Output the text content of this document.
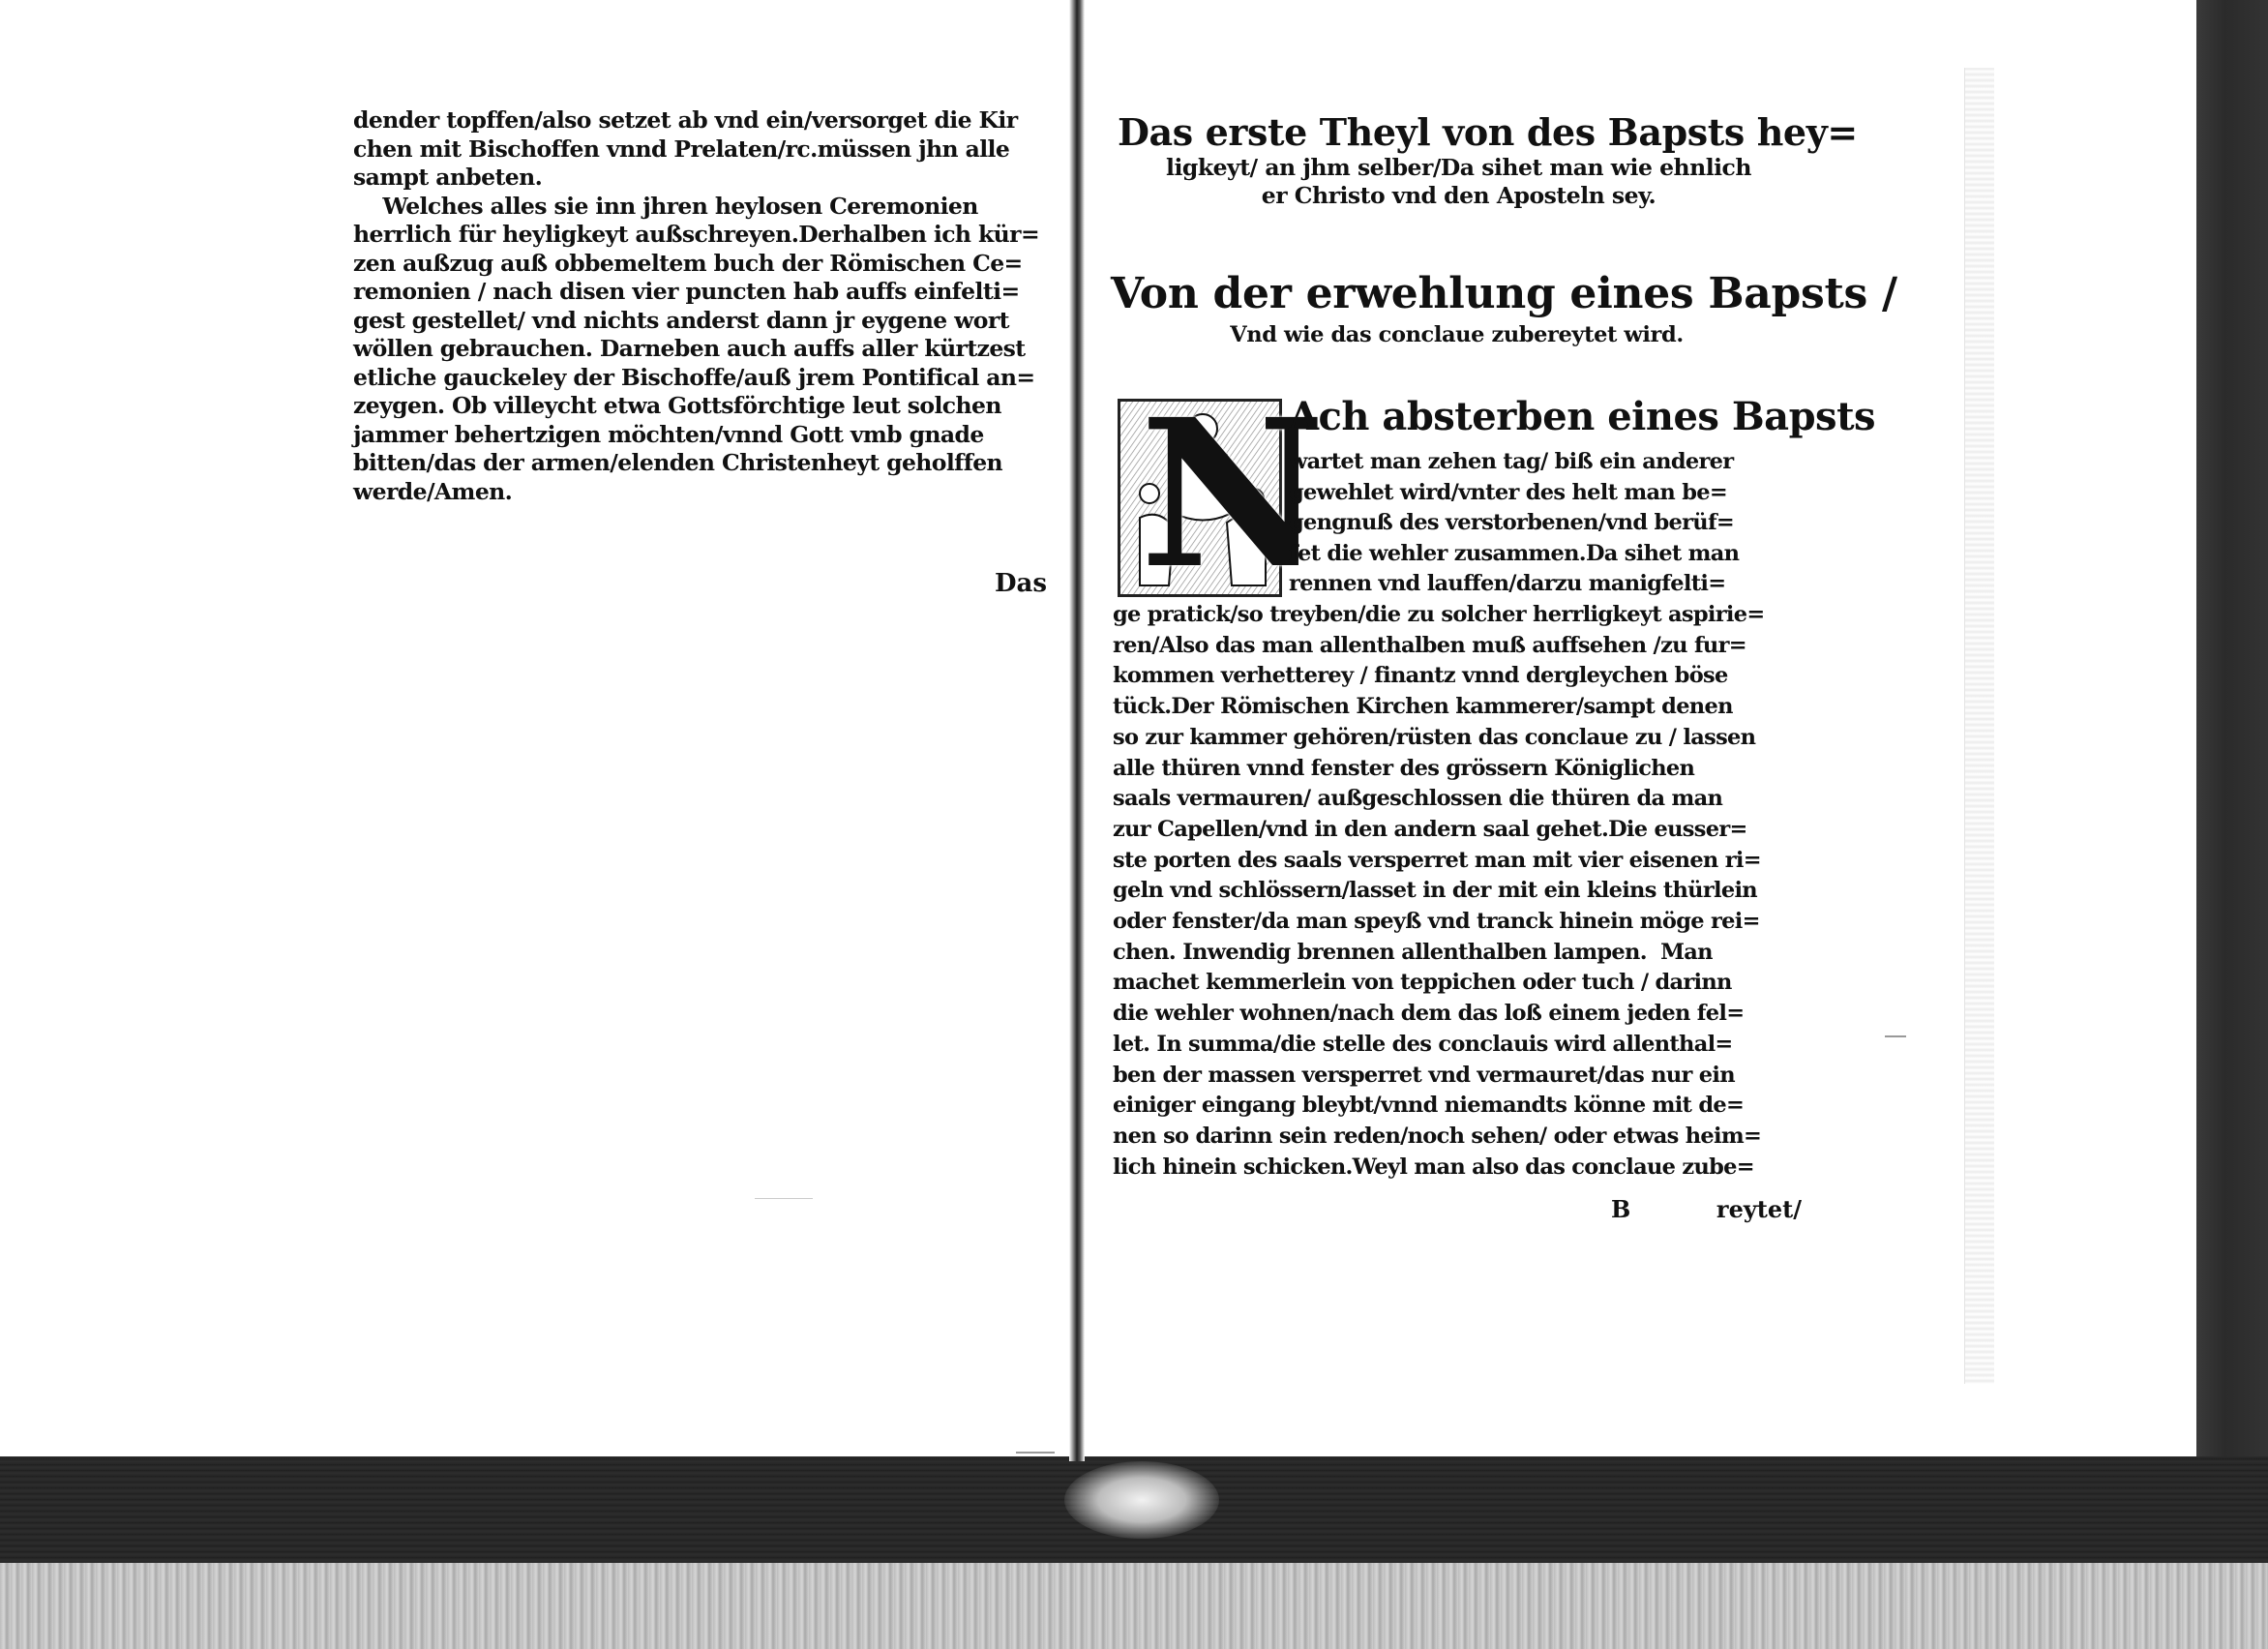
dender topffen/also setzet ab vnd ein/versorget die Kir
chen mit Bischoffen vnnd Prelaten/rc.müssen jhn alle
sampt anbeten.
Welches alles sie inn jhren heylosen Ceremonien
herrlich für heyligkeyt außschreyen.Derhalben ich kür=
zen außzug auß obbemeltem buch der Römischen Ce=
remonien / nach disen vier puncten hab auffs einfelti=
gest gestellet/ vnd nichts anderst dann jr eygene wort
wöllen gebrauchen. Darneben auch auffs aller kürtzest
etliche gauckeley der Bischoffe/auß jrem Pontifical an=
zeygen. Ob villeycht etwa Gottsförchtige leut solchen
jammer behertzigen möchten/vnnd Gott vmb gnade
bitten/das der armen/elenden Christenheyt geholffen
werde/Amen.
Das
Das erste Theyl von des Bapsts hey=
ligkeyt/ an jhm selber/Da sihet man wie ehnlich
er Christo vnd den Aposteln sey.
Von der erwehlung eines Bapsts /
Vnd wie das conclaue zubereytet wird.
N
Ach absterben eines Bapsts
wartet man zehen tag/ biß ein anderer
gewehlet wird/vnter des helt man be=
gengnuß des verstorbenen/vnd berüf=
fet die wehler zusammen.Da sihet man
rennen vnd lauffen/darzu manigfelti=
ge pratick/so treyben/die zu solcher herrligkeyt aspirie=
ren/Also das man allenthalben muß auffsehen /zu fur=
kommen verhetterey / finantz vnnd dergleychen böse
tück.Der Römischen Kirchen kammerer/sampt denen
so zur kammer gehören/rüsten das conclaue zu / lassen
alle thüren vnnd fenster des grössern Königlichen
saals vermauren/ außgeschlossen die thüren da man
zur Capellen/vnd in den andern saal gehet.Die eusser=
ste porten des saals versperret man mit vier eisenen ri=
geln vnd schlössern/lasset in der mit ein kleins thürlein
oder fenster/da man speyß vnd tranck hinein möge rei=
chen. Inwendig brennen allenthalben lampen.  Man
machet kemmerlein von teppichen oder tuch / darinn
die wehler wohnen/nach dem das loß einem jeden fel=
let. In summa/die stelle des conclauis wird allenthal=
ben der massen versperret vnd vermauret/das nur ein
einiger eingang bleybt/vnnd niemandts könne mit de=
nen so darinn sein reden/noch sehen/ oder etwas heim=
lich hinein schicken.Weyl man also das conclaue zube=
B	reytet/
